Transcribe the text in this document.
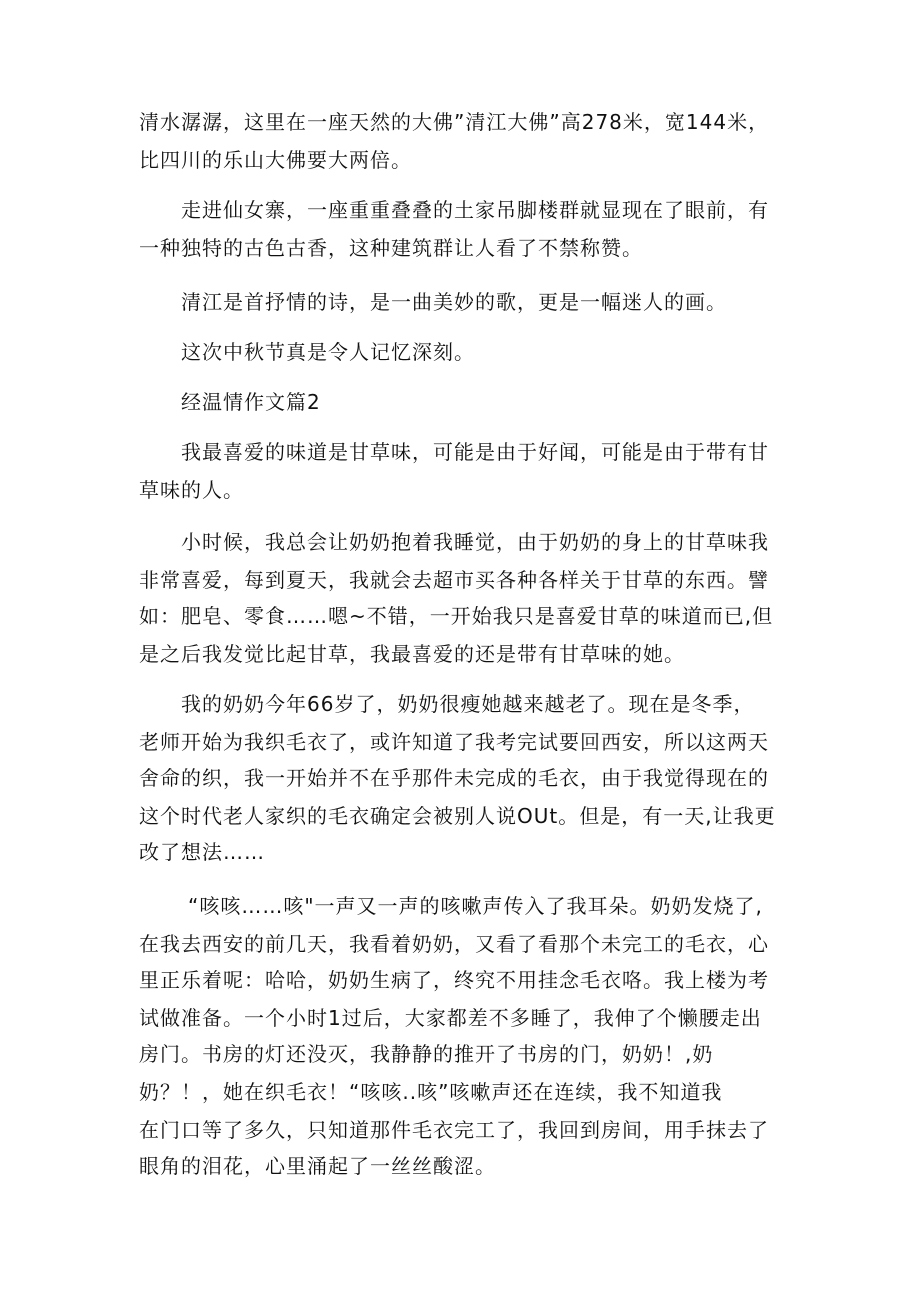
清水潺潺，这里在一座天然的大佛”清江大佛”高278米，宽144米，
比四川的乐山大佛要大两倍。
走进仙女寨，一座重重叠叠的土家吊脚楼群就显现在了眼前，有
一种独特的古色古香，这种建筑群让人看了不禁称赞。
清江是首抒情的诗，是一曲美妙的歌，更是一幅迷人的画。
这次中秋节真是令人记忆深刻。
经温情作文篇2
我最喜爱的味道是甘草味，可能是由于好闻，可能是由于带有甘
草味的人。
小时候，我总会让奶奶抱着我睡觉，由于奶奶的身上的甘草味我
非常喜爱，每到夏天，我就会去超市买各种各样关于甘草的东西。譬
如：肥皂、零食……嗯~不错，一开始我只是喜爱甘草的味道而已,但
是之后我发觉比起甘草，我最喜爱的还是带有甘草味的她。
我的奶奶今年66岁了，奶奶很瘦她越来越老了。现在是冬季，
老师开始为我织毛衣了，或许知道了我考完试要回西安，所以这两天
舍命的织，我一开始并不在乎那件未完成的毛衣，由于我觉得现在的
这个时代老人家织的毛衣确定会被别人说OUt。但是，有一天,让我更
改了想法……
“咳咳……咳"一声又一声的咳嗽声传入了我耳朵。奶奶发烧了,
在我去西安的前几天，我看着奶奶，又看了看那个未完工的毛衣，心
里正乐着呢：哈哈，奶奶生病了，终究不用挂念毛衣咯。我上楼为考
试做准备。一个小时1过后，大家都差不多睡了，我伸了个懒腰走出
房门。书房的灯还没灭，我静静的推开了书房的门，奶奶！,奶
奶？！，她在织毛衣！“咳咳..咳”咳嗽声还在连续，我不知道我
在门口等了多久，只知道那件毛衣完工了，我回到房间，用手抹去了
眼角的泪花，心里涌起了一丝丝酸涩。
